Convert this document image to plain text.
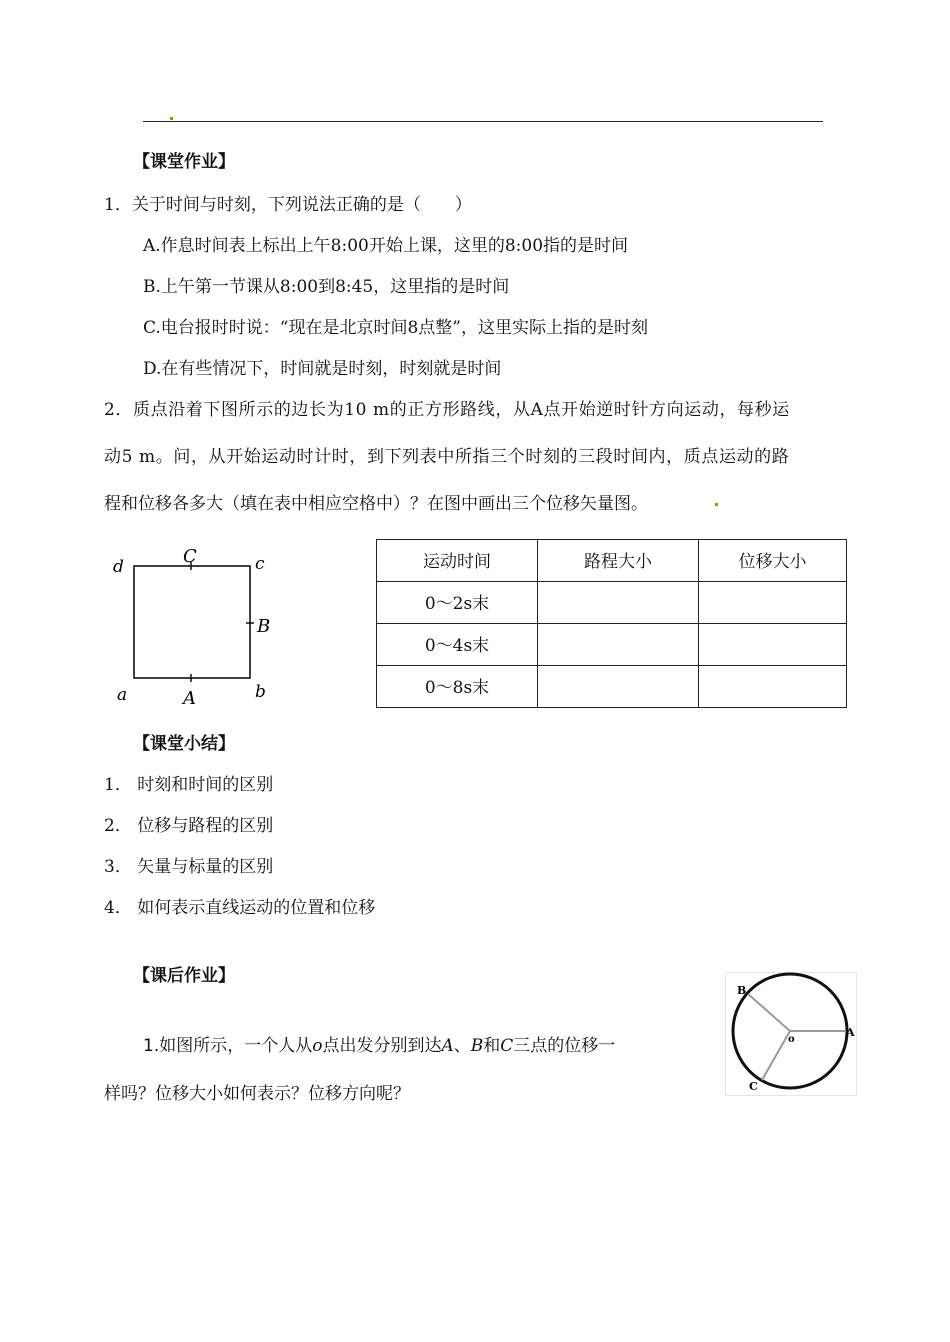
【课堂作业】
1．关于时间与时刻，下列说法正确的是（　　）
A.作息时间表上标出上午8:00开始上课，这里的8:00指的是时间
B.上午第一节课从8:00到8:45，这里指的是时间
C.电台报时时说：“现在是北京时间8点整”，这里实际上指的是时刻
D.在有些情况下，时间就是时刻，时刻就是时间
2．质点沿着下图所示的边长为10 m的正方形路线，从A点开始逆时针方向运动，每秒运
动5 m。问，从开始运动时计时，到下列表中所指三个时刻的三段时间内，质点运动的路
程和位移各多大（填在表中相应空格中）？在图中画出三个位移矢量图。
d	C	c
B
a	A	b
运动时间	路程大小	位移大小
0～2s末		
0～4s末		
0～8s末		
【课堂小结】
1． 时刻和时间的区别
2． 位移与路程的区别
3． 矢量与标量的区别
4． 如何表示直线运动的位置和位移
【课后作业】
1.如图所示，一个人从o点出发分别到达A、B和C三点的位移一
样吗？位移大小如何表示？位移方向呢？
B
A
o
C
